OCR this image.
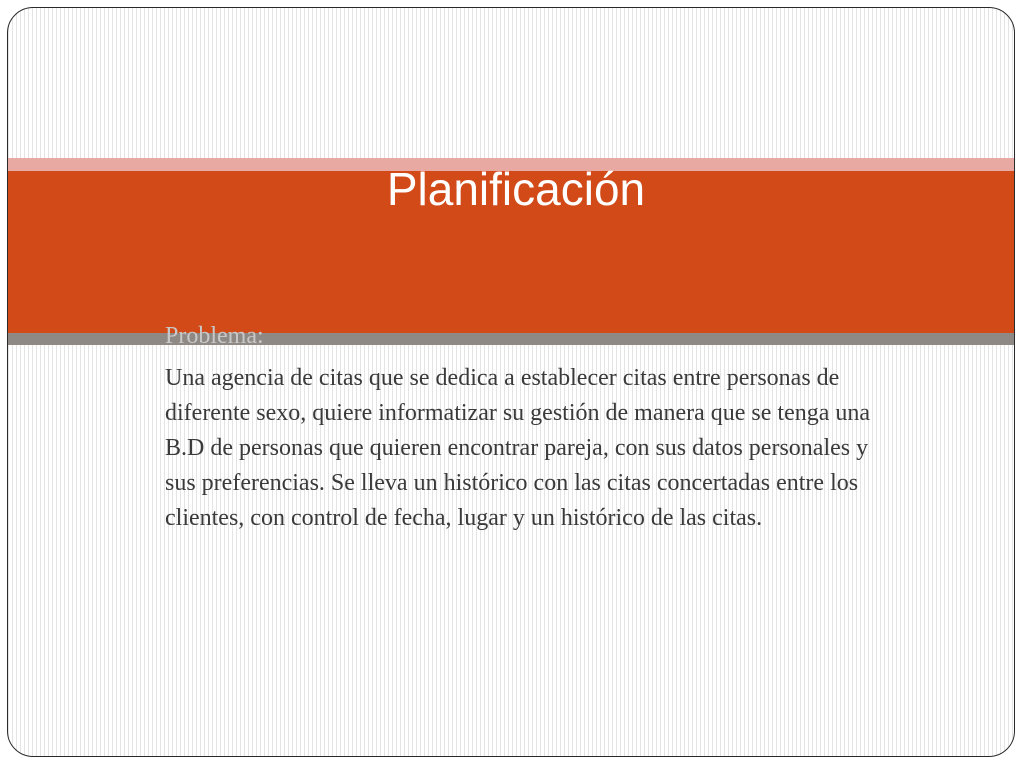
Planificación

Problema:

Una agencia de citas que se dedica a establecer citas entre personas de diferente sexo, quiere informatizar su gestión de manera que se tenga una B.D de personas que quieren encontrar pareja, con sus datos personales y sus preferencias. Se lleva un histórico con las citas concertadas entre los clientes, con control de fecha, lugar y un histórico de las citas.
